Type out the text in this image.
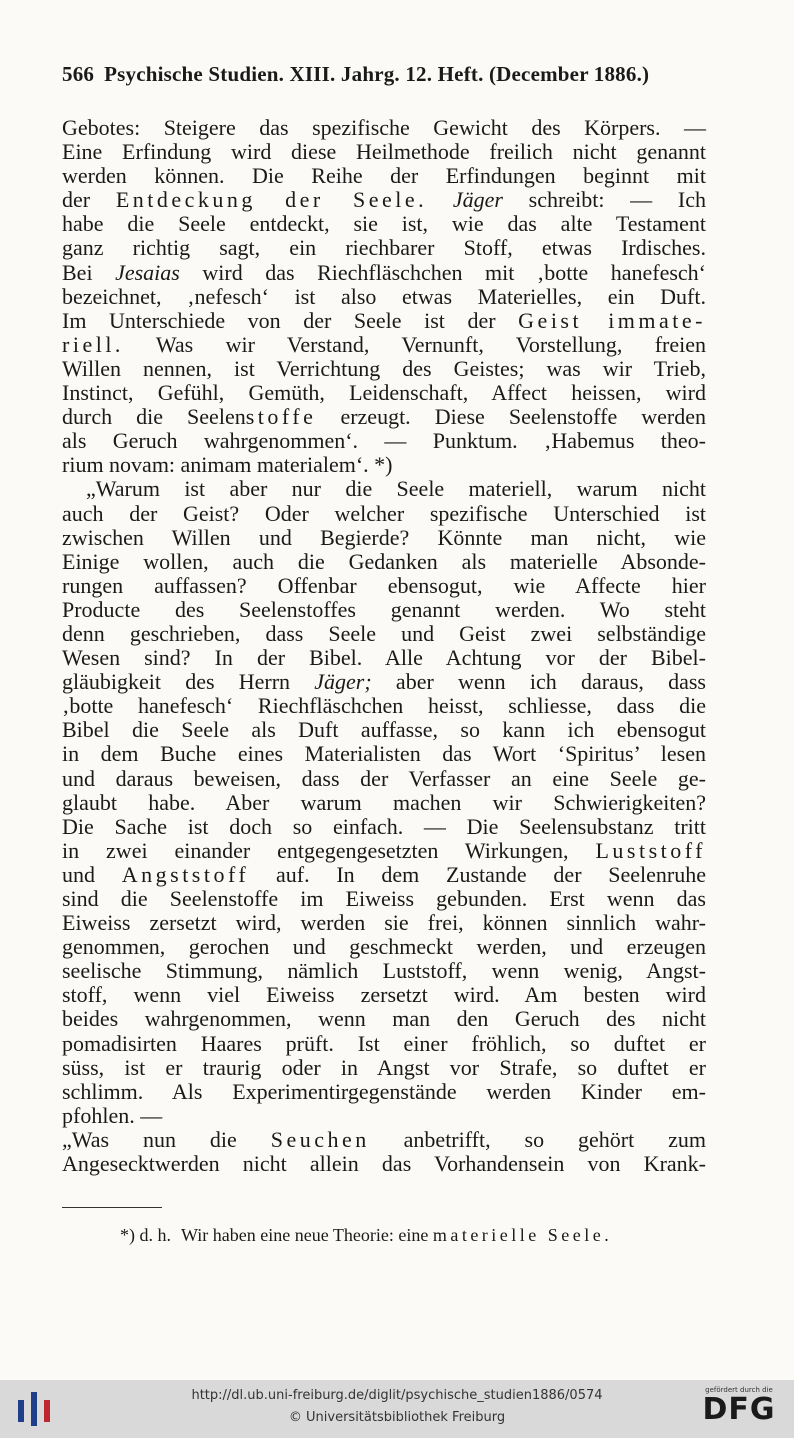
566 Psychische Studien. XIII. Jahrg. 12. Heft. (December 1886.)
Gebotes: Steigere das spezifische Gewicht des Körpers. —
Eine Erfindung wird diese Heilmethode freilich nicht genannt
werden können. Die Reihe der Erfindungen beginnt mit
der Entdeckung der Seele. Jäger schreibt: — Ich
habe die Seele entdeckt, sie ist, wie das alte Testament
ganz richtig sagt, ein riechbarer Stoff, etwas Irdisches.
Bei Jesaias wird das Riechfläschchen mit ‚botte hanefesch‘
bezeichnet, ‚nefesch‘ ist also etwas Materielles, ein Duft.
Im Unterschiede von der Seele ist der Geist immate-
riell. Was wir Verstand, Vernunft, Vorstellung, freien
Willen nennen, ist Verrichtung des Geistes; was wir Trieb,
Instinct, Gefühl, Gemüth, Leidenschaft, Affect heissen, wird
durch die Seelenstoffe erzeugt. Diese Seelenstoffe werden
als Geruch wahrgenommen‘. — Punktum. ‚Habemus theo-
rium novam: animam materialem‘. *)
„Warum ist aber nur die Seele materiell, warum nicht
auch der Geist? Oder welcher spezifische Unterschied ist
zwischen Willen und Begierde? Könnte man nicht, wie
Einige wollen, auch die Gedanken als materielle Absonde-
rungen auffassen? Offenbar ebensogut, wie Affecte hier
Producte des Seelenstoffes genannt werden. Wo steht
denn geschrieben, dass Seele und Geist zwei selbständige
Wesen sind? In der Bibel. Alle Achtung vor der Bibel-
gläubigkeit des Herrn Jäger; aber wenn ich daraus, dass
‚botte hanefesch‘ Riechfläschchen heisst, schliesse, dass die
Bibel die Seele als Duft auffasse, so kann ich ebensogut
in dem Buche eines Materialisten das Wort ‘Spiritus’ lesen
und daraus beweisen, dass der Verfasser an eine Seele ge-
glaubt habe. Aber warum machen wir Schwierigkeiten?
Die Sache ist doch so einfach. — Die Seelensubstanz tritt
in zwei einander entgegengesetzten Wirkungen, Luststoff
und Angststoff auf. In dem Zustande der Seelenruhe
sind die Seelenstoffe im Eiweiss gebunden. Erst wenn das
Eiweiss zersetzt wird, werden sie frei, können sinnlich wahr-
genommen, gerochen und geschmeckt werden, und erzeugen
seelische Stimmung, nämlich Luststoff, wenn wenig, Angst-
stoff, wenn viel Eiweiss zersetzt wird. Am besten wird
beides wahrgenommen, wenn man den Geruch des nicht
pomadisirten Haares prüft. Ist einer fröhlich, so duftet er
süss, ist er traurig oder in Angst vor Strafe, so duftet er
schlimm. Als Experimentirgegenstände werden Kinder em-
pfohlen. —
„Was nun die Seuchen anbetrifft, so gehört zum
Angesecktwerden nicht allein das Vorhandensein von Krank-
*) d. h. Wir haben eine neue Theorie: eine materielle Seele.
http://dl.ub.uni-freiburg.de/diglit/psychische_studien1886/0574
© Universitätsbibliothek Freiburg
gefördert durch die
DFG
